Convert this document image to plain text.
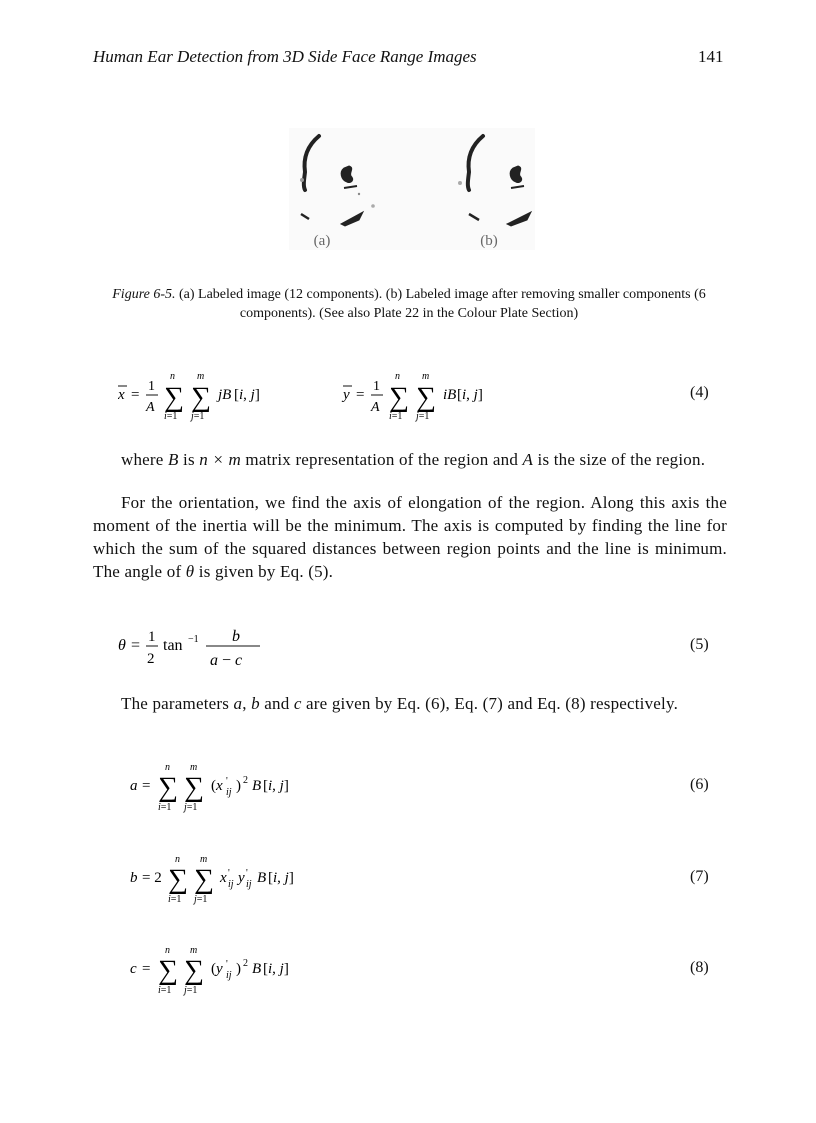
Human Ear Detection from 3D Side Face Range Images	141
(a)	(b)
Figure 6-5. (a) Labeled image (12 components). (b) Labeled image after removing smaller components (6 components). (See also Plate 22 in the Colour Plate Section)
x =
1
A ∑
n
i=1
∑
m
j=1
jB [i, j]	y =
1
A ∑
n
i=1
∑
m
j=1
iB [i, j]	(4)
where B is n × m matrix representation of the region and A is the size of the region.
For the orientation, we find the axis of elongation of the region. Along this axis the moment of the inertia will be the minimum. The axis is computed by finding the line for which the sum of the squared distances between region points and the line is minimum. The angle of θ is given by Eq. (5).
θ = 1
2
tan −1 b
a − c
(5)
The parameters a, b and c are given by Eq. (6), Eq. (7) and Eq. (8) respectively.
a = ∑
n
i=1
∑
m
j=1
(x '
ij ) 2 B [i, j]	(6)
b = 2 ∑
n
i=1
∑
m
j=1
x '
ij y '
ij B [i, j]	(7)
c = ∑
n
i=1
∑
m
j=1
(y '
ij ) 2 B [i, j]	(8)
